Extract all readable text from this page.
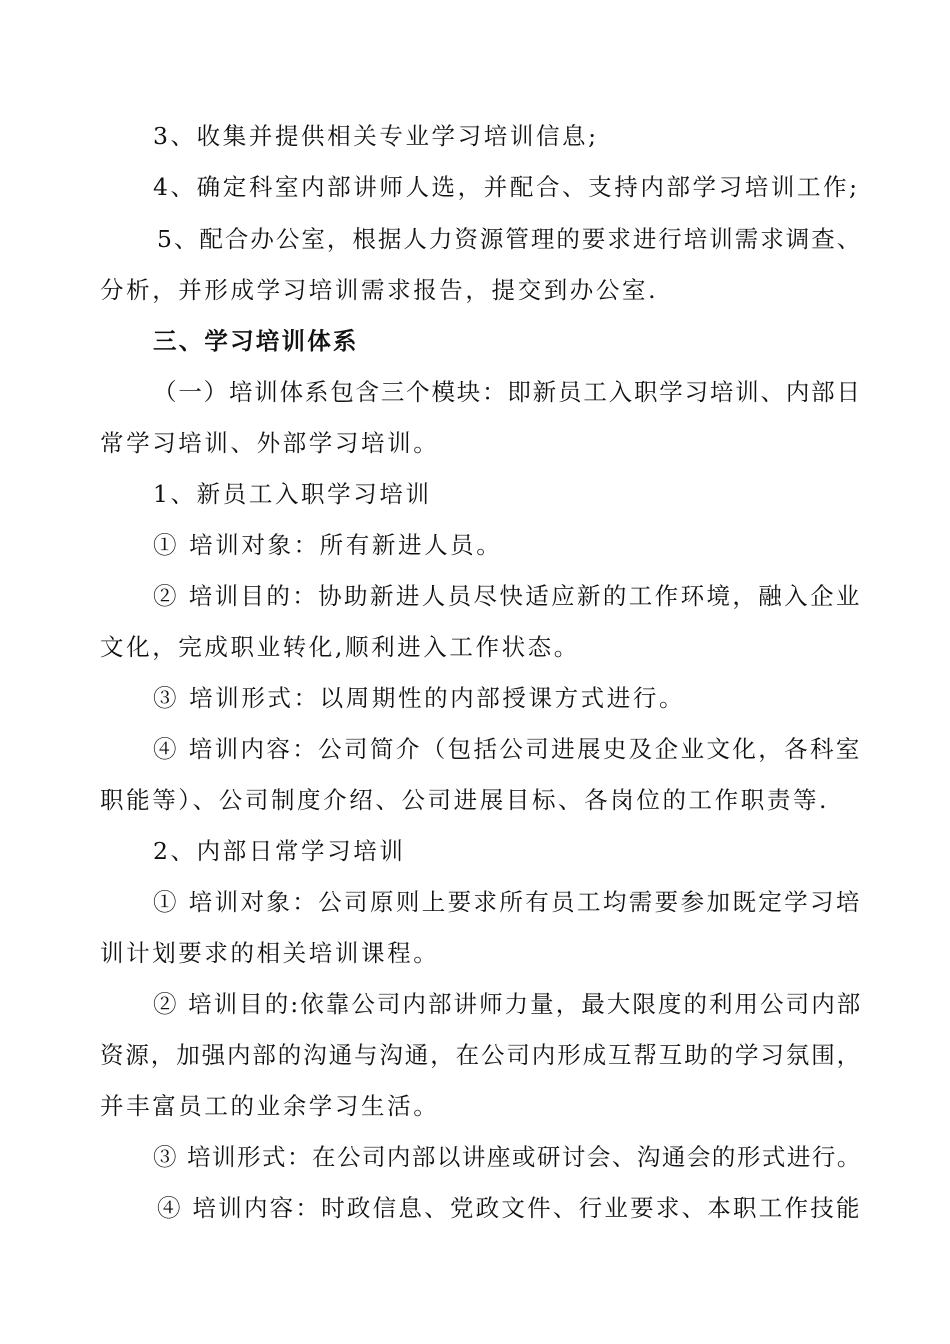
3、收集并提供相关专业学习培训信息;
4、确定科室内部讲师人选，并配合、支持内部学习培训工作;
5、配合办公室，根据人力资源管理的要求进行培训需求调查、
分析，并形成学习培训需求报告，提交到办公室.
三、学习培训体系
（一）培训体系包含三个模块：即新员工入职学习培训、内部日
常学习培训、外部学习培训。
1、新员工入职学习培训
① 培训对象：所有新进人员。
② 培训目的：协助新进人员尽快适应新的工作环境，融入企业
文化，完成职业转化,顺利进入工作状态。
③ 培训形式：以周期性的内部授课方式进行。
④ 培训内容：公司简介（包括公司进展史及企业文化，各科室
职能等）、公司制度介绍、公司进展目标、各岗位的工作职责等.
2、内部日常学习培训
① 培训对象：公司原则上要求所有员工均需要参加既定学习培
训计划要求的相关培训课程。
② 培训目的:依靠公司内部讲师力量，最大限度的利用公司内部
资源，加强内部的沟通与沟通，在公司内形成互帮互助的学习氛围，
并丰富员工的业余学习生活。
③ 培训形式：在公司内部以讲座或研讨会、沟通会的形式进行。
④ 培训内容：时政信息、党政文件、行业要求、本职工作技能
